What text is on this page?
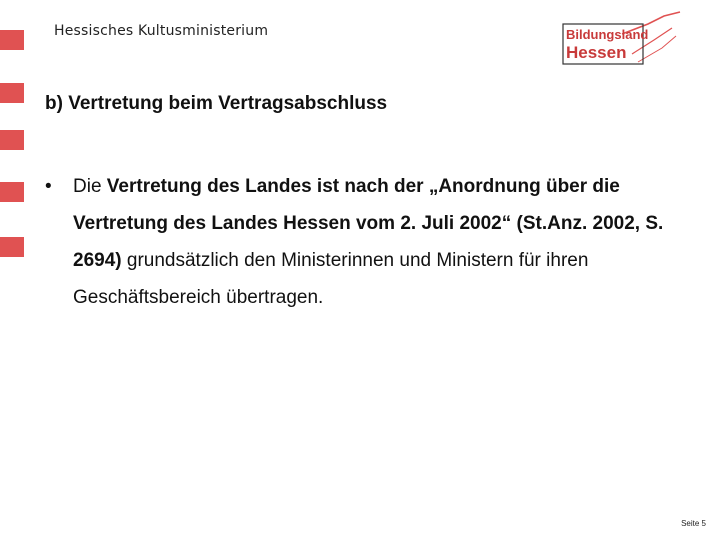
Hessisches Kultusministerium	Bildungsland
Hessen
b) Vertretung beim Vertragsabschluss
• Die Vertretung des Landes ist nach der „Anordnung über die Vertretung des Landes Hessen vom 2. Juli 2002“ (St.Anz. 2002, S. 2694) grundsätzlich den Ministerinnen und Ministern für ihren Geschäftsbereich übertragen.
Seite 5
